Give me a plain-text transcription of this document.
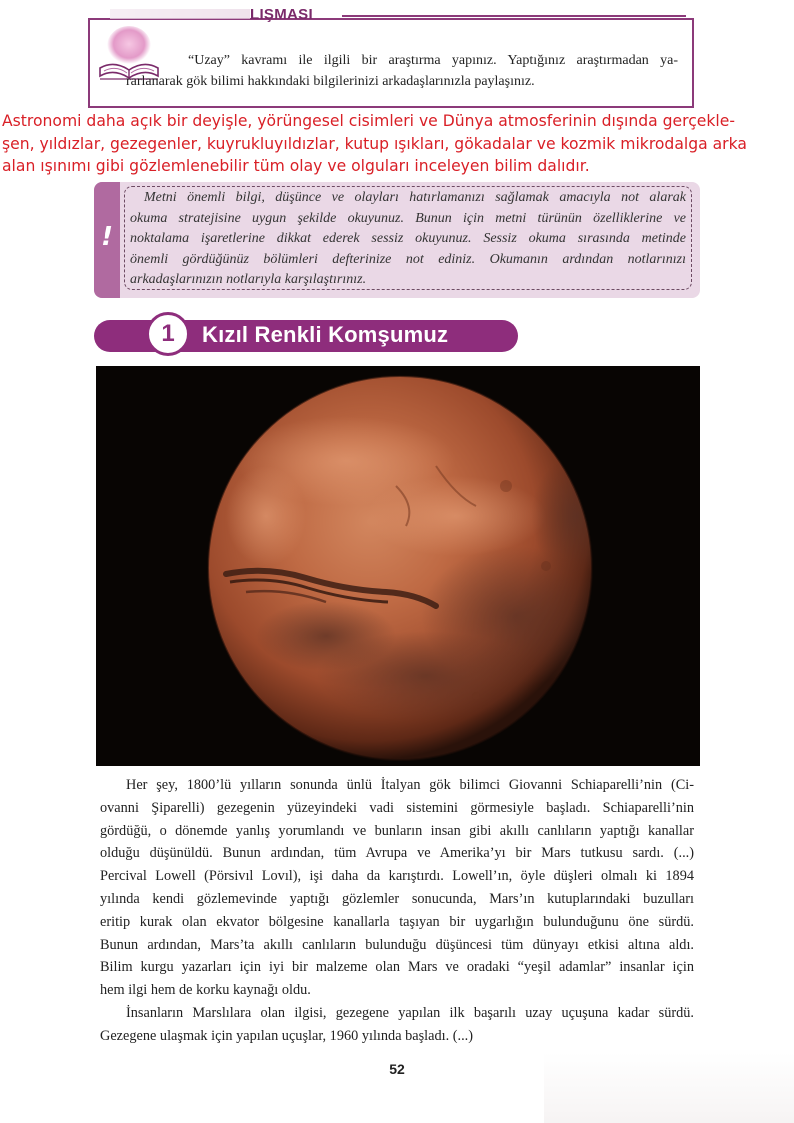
LIŞMASI
“Uzay” kavramı ile ilgili bir araştırma yapınız. Yaptığınız araştırmadan ya-
rarlanarak gök bilimi hakkındaki bilgilerinizi arkadaşlarınızla paylaşınız.
Astronomi daha açık bir deyişle, yörüngesel cisimleri ve Dünya atmosferinin dışında gerçekle-
şen, yıldızlar, gezegenler, kuyrukluyıldızlar, kutup ışıkları, gökadalar ve kozmik mikrodalga arka
alan ışınımı gibi gözlemlenebilir tüm olay ve olguları inceleyen bilim dalıdır.
!
Metni önemli bilgi, düşünce ve olayları hatırlamanızı sağlamak amacıyla not alarak
okuma stratejisine uygun şekilde okuyunuz. Bunun için metni türünün özelliklerine ve
noktalama işaretlerine dikkat ederek sessiz okuyunuz. Sessiz okuma sırasında metinde
önemli gördüğünüz bölümleri defterinize not ediniz. Okumanın ardından notlarınızı
arkadaşlarınızın notlarıyla karşılaştırınız.
1	Kızıl Renkli Komşumuz
Her şey, 1800’lü yılların sonunda ünlü İtalyan gök bilimci Giovanni Schiaparelli’nin (Ci-
ovanni Şiparelli) gezegenin yüzeyindeki vadi sistemini görmesiyle başladı. Schiaparelli’nin
gördüğü, o dönemde yanlış yorumlandı ve bunların insan gibi akıllı canlıların yaptığı kanallar
olduğu düşünüldü. Bunun ardından, tüm Avrupa ve Amerika’yı bir Mars tutkusu sardı. (...)
Percival Lowell (Pörsivıl Lovıl), işi daha da karıştırdı. Lowell’ın, öyle düşleri olmalı ki 1894
yılında kendi gözlemevinde yaptığı gözlemler sonucunda, Mars’ın kutuplarındaki buzulları
eritip kurak olan ekvator bölgesine kanallarla taşıyan bir uygarlığın bulunduğunu öne sürdü.
Bunun ardından, Mars’ta akıllı canlıların bulunduğu düşüncesi tüm dünyayı etkisi altına aldı.
Bilim kurgu yazarları için iyi bir malzeme olan Mars ve oradaki “yeşil adamlar” insanlar için
hem ilgi hem de korku kaynağı oldu.
İnsanların Marslılara olan ilgisi, gezegene yapılan ilk başarılı uzay uçuşuna kadar sürdü.
Gezegene ulaşmak için yapılan uçuşlar, 1960 yılında başladı. (...)
52
